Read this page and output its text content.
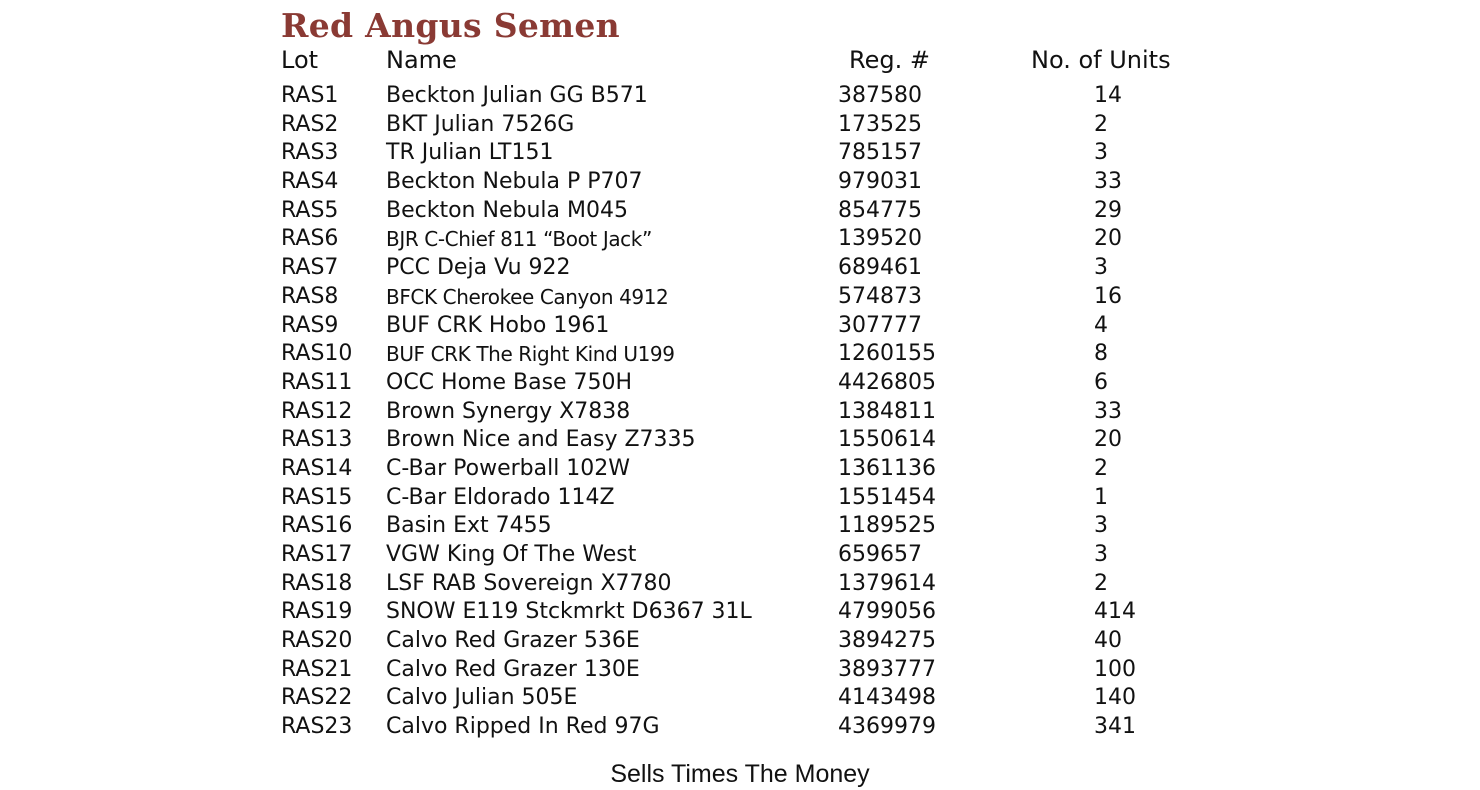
Red Angus Semen
Lot	Name	Reg. #	No. of Units
RAS1 Beckton Julian GG B571	387580	14
RAS2 BKT Julian 7526G	173525	2
RAS3 TR Julian LT151	785157	3
RAS4 Beckton Nebula P P707	979031	33
RAS5 Beckton Nebula M045	854775	29
RAS6 BJR C-Chief 811 “Boot Jack”	139520	20
RAS7 PCC Deja Vu 922	689461	3
RAS8 BFCK Cherokee Canyon 4912	574873	16
RAS9 BUF CRK Hobo 1961	307777	4
RAS10 BUF CRK The Right Kind U199	1260155	8
RAS11 OCC Home Base 750H	4426805	6
RAS12 Brown Synergy X7838	1384811	33
RAS13 Brown Nice and Easy Z7335	1550614	20
RAS14 C-Bar Powerball 102W	1361136	2
RAS15 C-Bar Eldorado 114Z	1551454	1
RAS16 Basin Ext 7455	1189525	3
RAS17 VGW King Of The West	659657	3
RAS18 LSF RAB Sovereign X7780	1379614	2
RAS19 SNOW E119 Stckmrkt D6367 31L	4799056	414
RAS20 Calvo Red Grazer 536E	3894275	40
RAS21 Calvo Red Grazer 130E	3893777	100
RAS22 Calvo Julian 505E	4143498	140
RAS23 Calvo Ripped In Red 97G	4369979	341
Sells Times The Money
